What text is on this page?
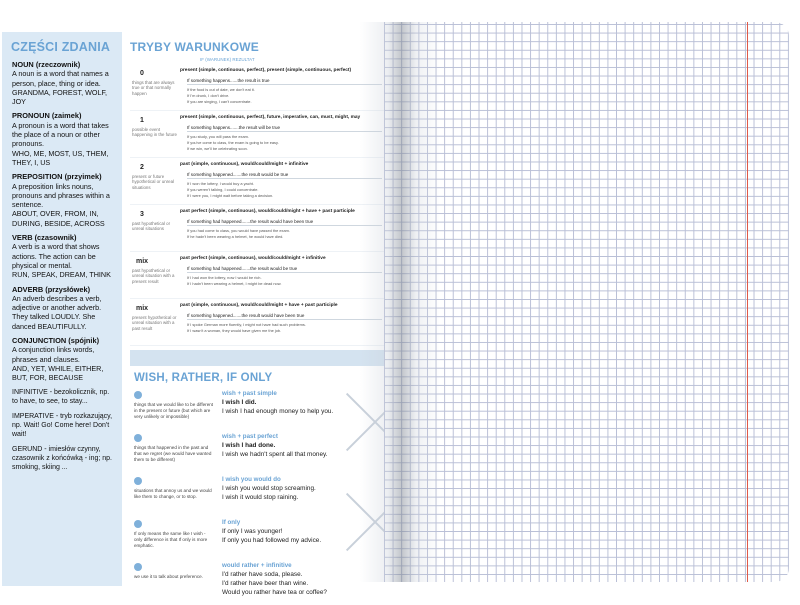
CZĘŚCI ZDANIA
NOUN (rzeczownik)
A noun is a word that names a person, place, thing or idea.
GRANDMA, FOREST, WOLF, JOY
PRONOUN (zaimek)
A pronoun is a word that takes the place of a noun or other pronouns.
WHO, ME, MOST, US, THEM, THEY, I, US
PREPOSITION (przyimek)
A preposition links nouns, pronouns and phrases within a sentence.
ABOUT, OVER, FROM, IN, DURING, BESIDE, ACROSS
VERB (czasownik)
A verb is a word that shows actions. The action can be physical or mental.
RUN, SPEAK, DREAM, THINK
ADVERB (przysłówek)
An adverb describes a verb, adjective or another adverb.
They talked LOUDLY. She danced BEAUTIFULLY.
CONJUNCTION (spójnik)
A conjunction links words, phrases and clauses.
AND, YET, WHILE, EITHER, BUT, FOR, BECAUSE
INFINITIVE - bezokolicznik, np. to have, to see, to stay...
IMPERATIVE - tryb rozkazujący, np. Wait! Go! Come here! Don't wait!
GERUND - imiesłów czynny, czasownik z końcówką - ing; np. smoking, skiing ...
TRYBY WARUNKOWE
IF (WARUNEK) REZULTAT
0
things that are always true or that normally happen
present (simple, continuous, perfect), present (simple, continuous, perfect)
If something happens......the result is true
If the food is out of date, we don't eat it.
If I'm drunk, I don't drive.
If you are singing, I can't concentrate.
1
possible event happening in the future
present (simple, continuous, perfect), future, imperative, can, must, might, may
If something happens.......the result will be true
If you study, you will pass the exam.
If you've come to class, the exam is going to be easy.
If we win, we'll be celebrating soon.
2
present or future hypothetical or unreal situations
past (simple, continuous), would/could/might + infinitive
If something happened.......the result would be true
If I won the lottery, I would buy a yacht.
If you weren't talking, I could concentrate.
If I were you, I might wait before taking a decision.
3
past hypothetical or unreal situations
past perfect (simple, continuous), would/could/might + have + past participle
If something had happened.......the result would have been true
If you had come to class, you would have passed the exam.
If he hadn't been wearing a helmet, he would have died.
mix
past hypothetical or unreal situation with a present result
past perfect (simple, continuous), would/could/might + infinitive
If something had happened.......the result would be true
If I had won the lottery, now I would be rich.
If I hadn't been wearing a helmet, I might be dead now.
mix
present hypothetical or unreal situation with a past result
past (simple, continuous), would/could/might + have + past participle
If something happened.......the result would have been true
If I spoke German more fluently, I might not have had such problems.
If I wasn't a woman, they would have given me the job.
WISH, RATHER, IF ONLY
things that we would like to be different in the present or future (but which are very unlikely or impossible)
wish + past simple
I wish I did.
I wish I had enough money to help you.
things that happened in the past and that we regret (we would have wanted them to be different)
wish + past perfect
I wish I had done.
I wish we hadn't spent all that money.
situations that annoy us and we would like them to change, or to stop.
I wish you would do
I wish you would stop screaming.
I wish it would stop raining.
If only means the same like I wish - only difference is that If only is more emphatic.
If only
If only I was younger!
If only you had followed my advice.
we use it to talk about preference.
would rather + infinitive
I'd rather have soda, please.
I'd rather have beer than wine.
Would you rather have tea or coffee?
